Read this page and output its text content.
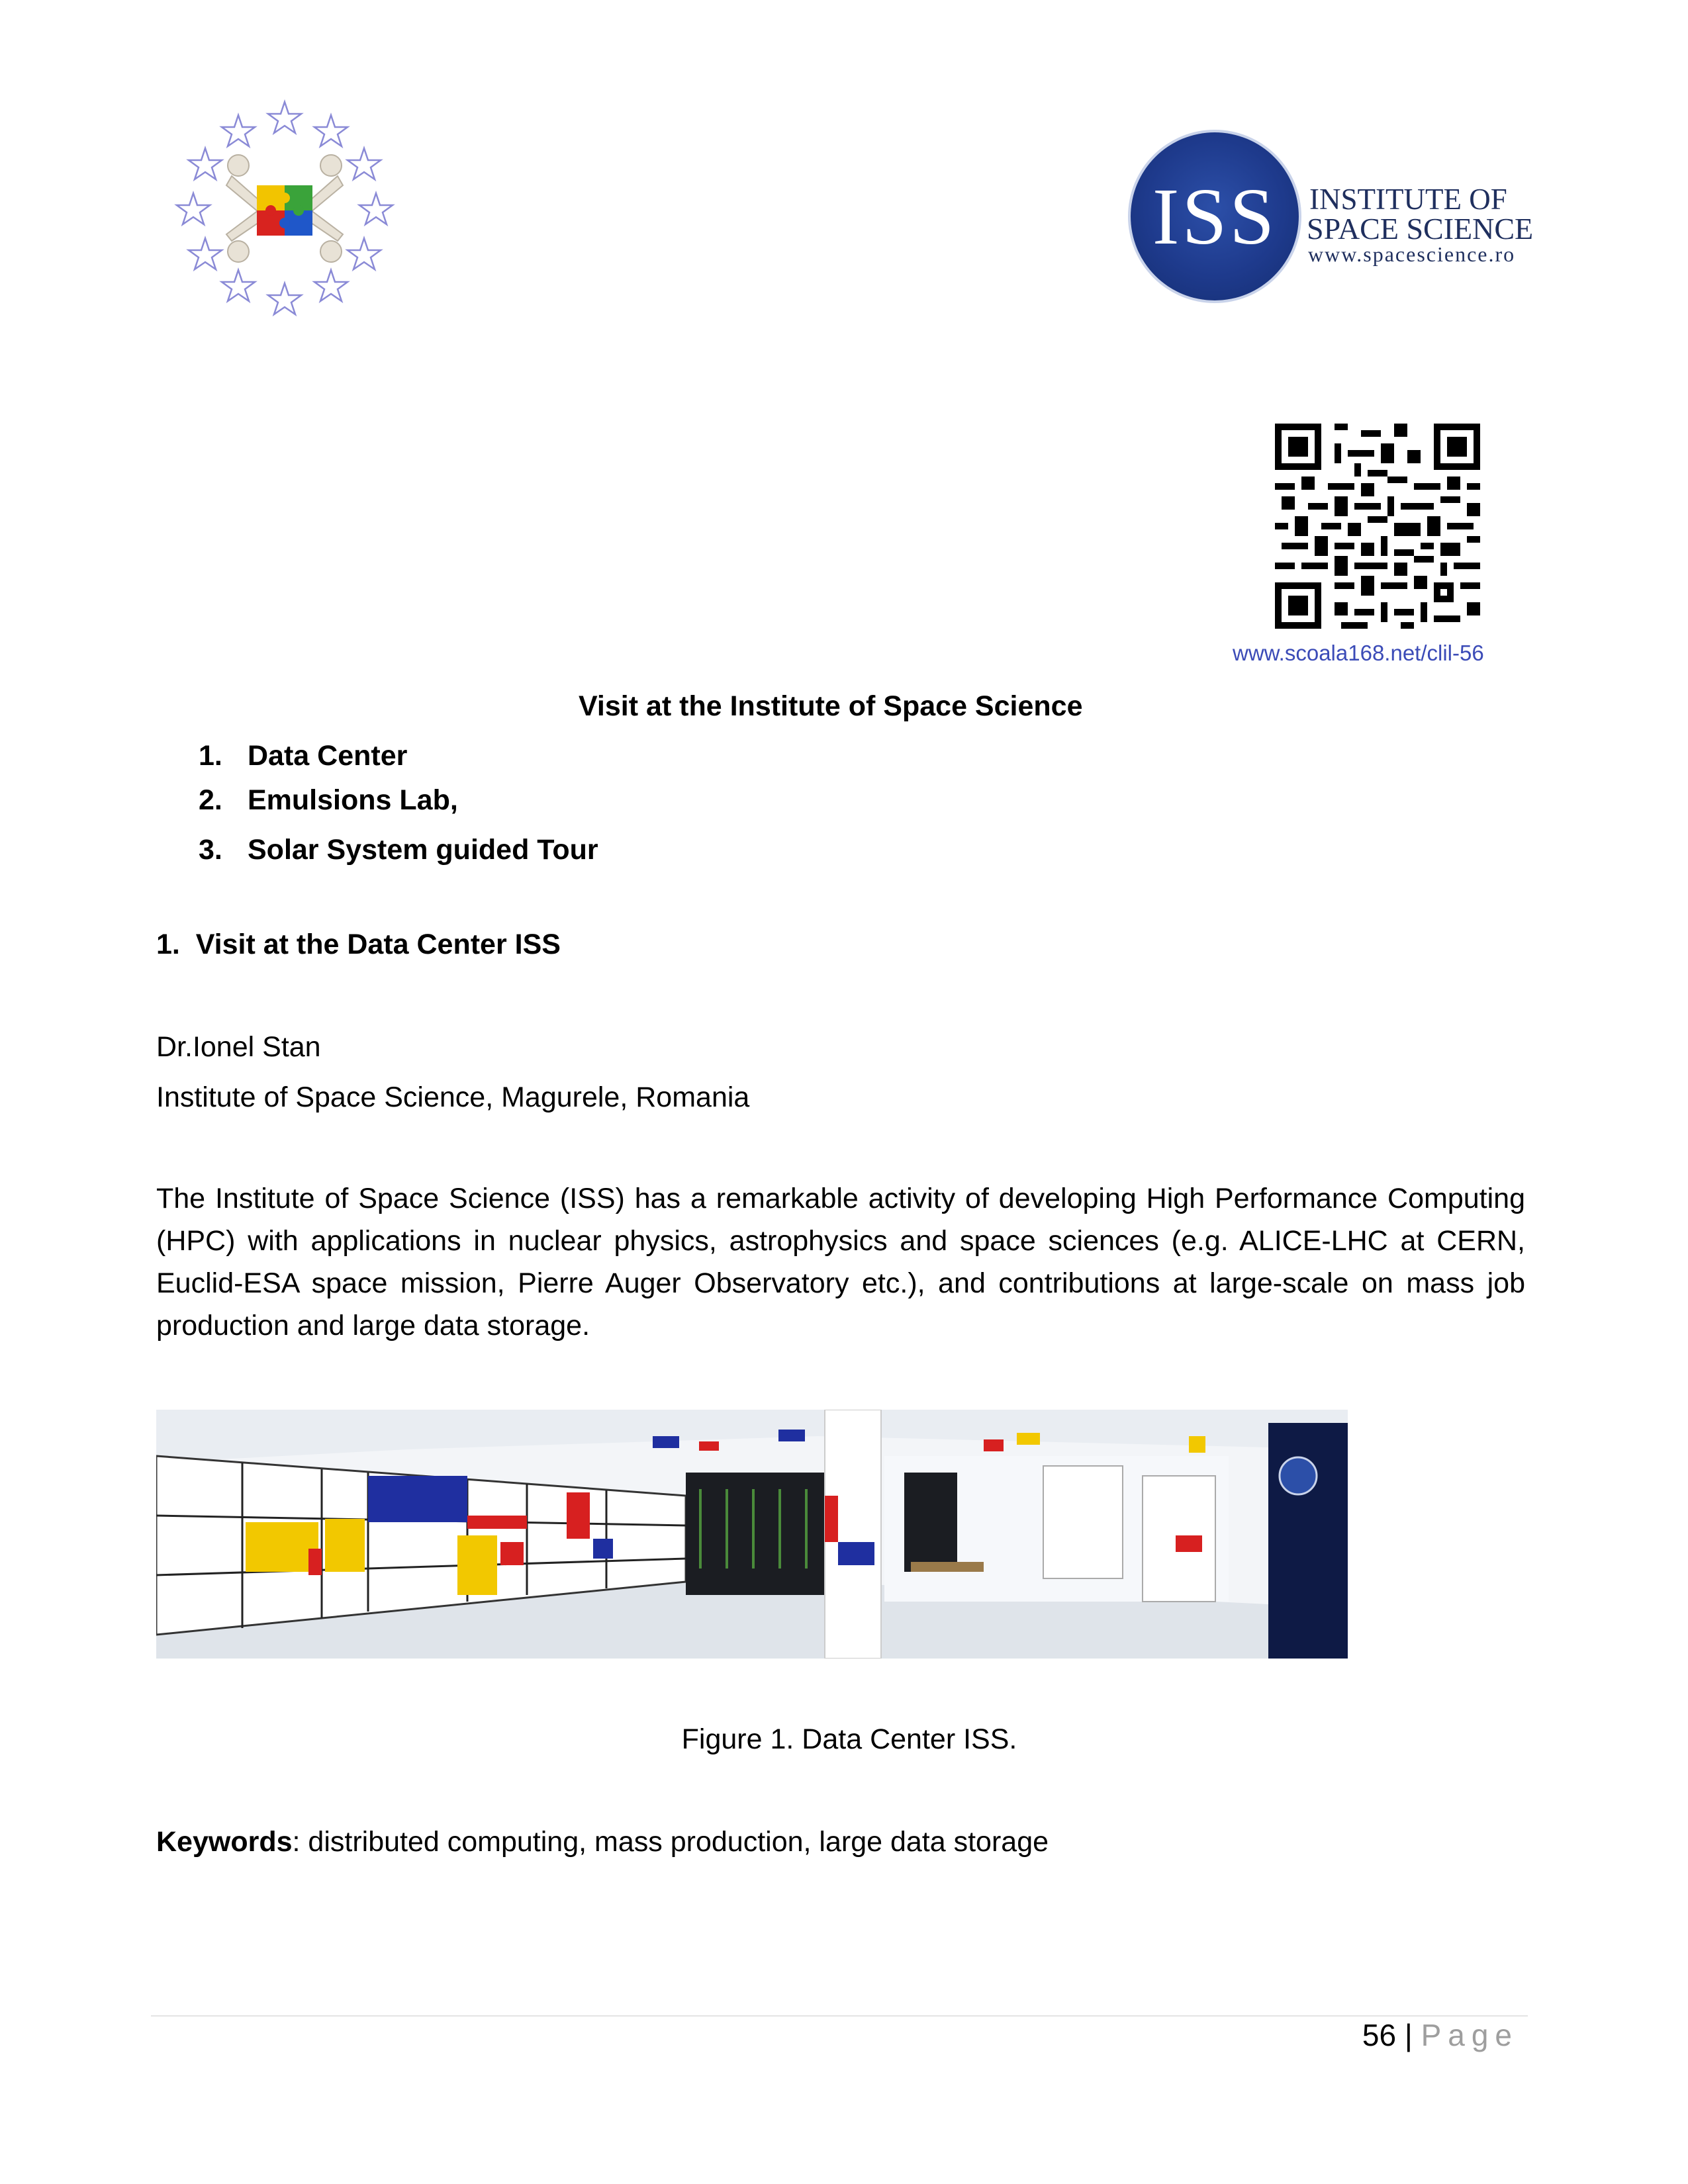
ISS	INSTITUTE OF
SPACE SCIENCE
www.spacescience.ro
www.scoala168.net/clil-56
Visit at the Institute of Space Science
1. Data Center
2. Emulsions Lab,
3. Solar System guided Tour
1.  Visit at the Data Center ISS
Dr.Ionel Stan
Institute of Space Science, Magurele, Romania
The Institute of Space Science (ISS) has a remarkable activity of developing High Performance Computing (HPC) with applications in nuclear physics, astrophysics and space sciences (e.g. ALICE-LHC at CERN, Euclid-ESA space mission, Pierre Auger Observatory etc.), and contributions at large-scale on mass job production and large data storage.
Figure 1. Data Center ISS.
Keywords: distributed computing, mass production, large data storage
56 | Page
